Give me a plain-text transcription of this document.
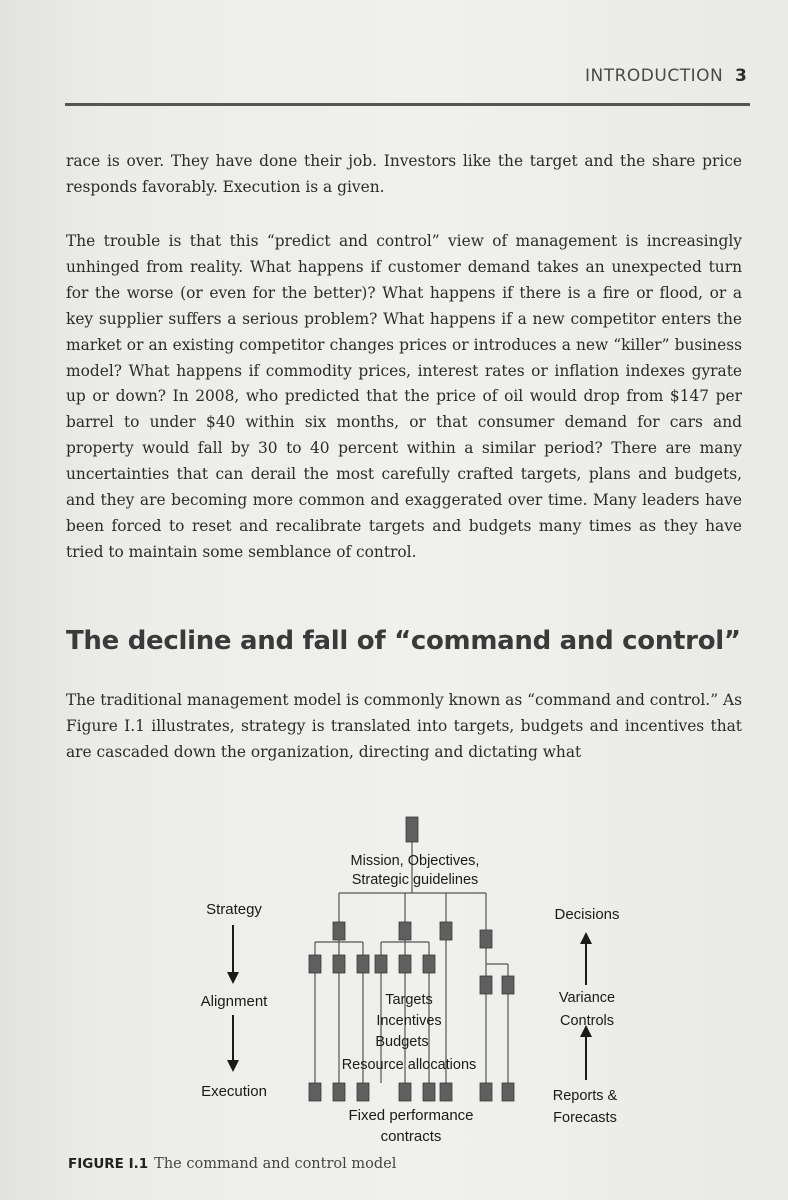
INTRODUCTION 3

race is over. They have done their job. Investors like the target and the share price responds favorably. Execution is a given.

The trouble is that this “predict and control” view of management is increasingly unhinged from reality. What happens if customer demand takes an unexpected turn for the worse (or even for the better)? What happens if there is a fire or flood, or a key supplier suffers a serious problem? What happens if a new competitor enters the market or an existing competitor changes prices or introduces a new “killer” business model? What happens if commodity prices, interest rates or inflation indexes gyrate up or down? In 2008, who predicted that the price of oil would drop from $147 per barrel to under $40 within six months, or that consumer demand for cars and property would fall by 30 to 40 percent within a similar period? There are many uncertainties that can derail the most carefully crafted targets, plans and budgets, and they are becoming more common and exaggerated over time. Many leaders have been forced to reset and recalibrate targets and budgets many times as they have tried to maintain some semblance of control.

The decline and fall of “command and control”

The traditional management model is commonly known as “command and control.” As Figure I.1 illustrates, strategy is translated into targets, budgets and incentives that are cascaded down the organization, directing and dictating what

Mission, Objectives,
Strategic guidelines
Strategy
Alignment
Execution
Targets
Incentives
Budgets
Resource allocations
Fixed performance
contracts
Decisions
Variance
Controls
Reports &
Forecasts
FIGURE I.1 The command and control model
